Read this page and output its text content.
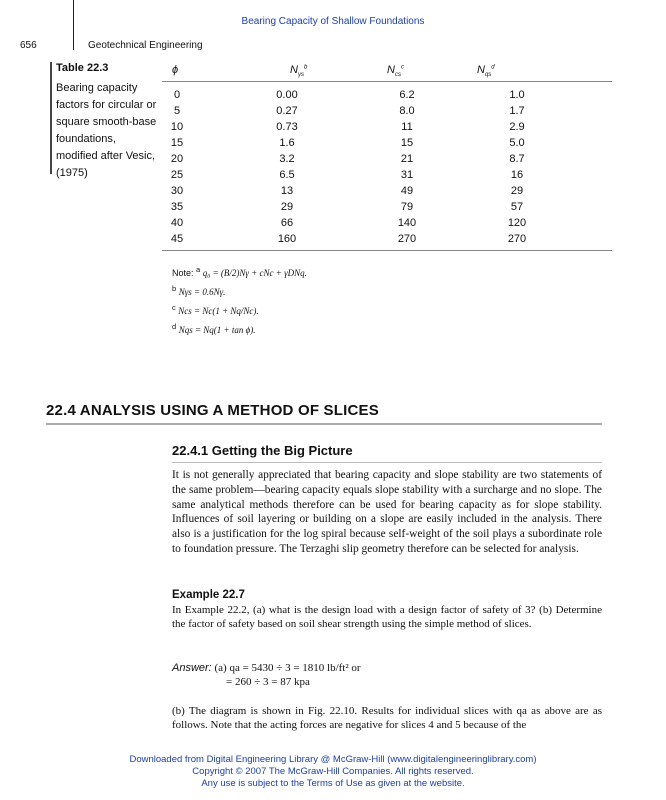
Bearing Capacity of Shallow Foundations
656	Geotechnical Engineering
Table 22.3
Bearing capacity
factors for circular or
square smooth-base
foundations,
modified after Vesic,
(1975)
ϕ	$N_{\gamma s}^b$	$N_{cs}^c$	$N_{qs}^d$
0	0.00	6.2	1.0
5	0.27	8.0	1.7
10	0.73	11	2.9
15	1.6	15	5.0
20	3.2	21	8.7
25	6.5	31	16
30	13	49	29
35	29	79	57
40	66	140	120
45	160	270	270
Note: $^a$ q₀ = (B/2)Nγ + cNc + γDNq.
$^b$ Nγs = 0.6Nγ.
$^c$ Ncs = Nc(1 + Nq/Nc).
$^d$ Nqs = Nq(1 + tan ϕ).
22.4 ANALYSIS USING A METHOD OF SLICES
22.4.1 Getting the Big Picture
It is not generally appreciated that bearing capacity and slope stability are two statements of the same problem—bearing capacity equals slope stability with a surcharge and no slope. The same analytical methods therefore can be used for bearing capacity as for slope stability. Influences of soil layering or building on a slope are easily included in the analysis. There also is a justification for the log spiral because self-weight of the soil plays a subordinate role to foundation pressure. The Terzaghi slip geometry therefore can be selected for analysis.
Example 22.7
In Example 22.2, (a) what is the design load with a design factor of safety of 3? (b) Determine the factor of safety based on soil shear strength using the simple method of slices.
Answer: (a) qa = 5430 ÷ 3 = 1810 lb/ft² or
= 260 ÷ 3 = 87 kpa
(b) The diagram is shown in Fig. 22.10. Results for individual slices with qa as above are as follows. Note that the acting forces are negative for slices 4 and 5 because of the
Downloaded from Digital Engineering Library @ McGraw-Hill (www.digitalengineeringlibrary.com)
Copyright © 2007 The McGraw-Hill Companies. All rights reserved.
Any use is subject to the Terms of Use as given at the website.
